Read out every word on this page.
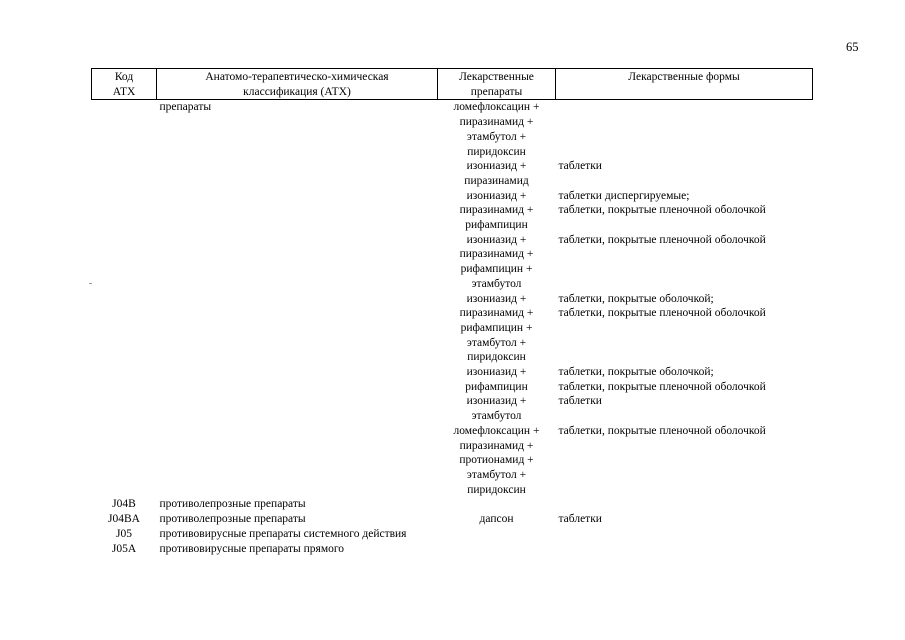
65
Код АТХ	Анатомо-терапевтическо-химическая классификация (АТХ)	Лекарственные препараты	Лекарственные формы
	препараты	ломефлоксацин +
пиразинамид +
этамбутол +
пиридоксин	

		изониазид +
пиразинамид	таблетки

		изониазид +
пиразинамид +
рифампицин	таблетки диспергируемые;
таблетки, покрытые пленочной оболочкой

		изониазид +
пиразинамид +
рифампицин +
этамбутол	таблетки, покрытые пленочной оболочкой

		изониазид +
пиразинамид +
рифампицин +
этамбутол +
пиридоксин	таблетки, покрытые оболочкой;
таблетки, покрытые пленочной оболочкой

		изониазид +
рифампицин	таблетки, покрытые оболочкой;
таблетки, покрытые пленочной оболочкой

		изониазид +
этамбутол	таблетки

		ломефлоксацин +
пиразинамид +
протионамид +
этамбутол +
пиридоксин	таблетки, покрытые пленочной оболочкой

J04B	противолепрозные препараты		
J04BA	противолепрозные препараты	дапсон	таблетки

J05	противовирусные препараты системного действия		
J05A	противовирусные препараты прямого		
